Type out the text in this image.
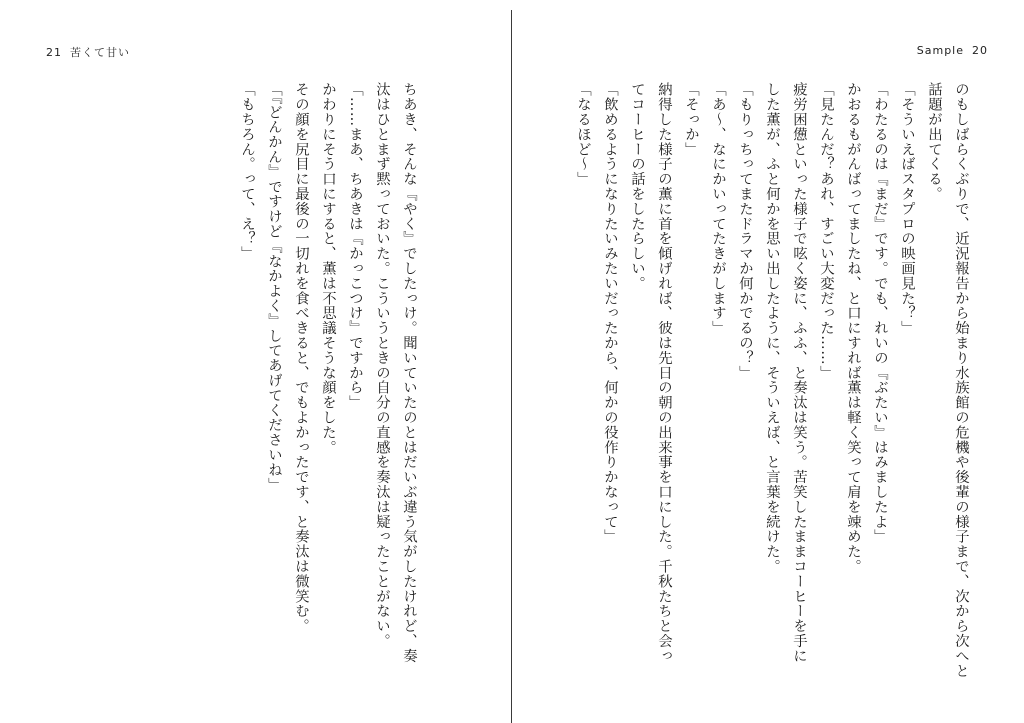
21 苦くて甘い
ちあき、そんな『やく』でしたっけ。聞いていたのとはだいぶ違う気がしたけれど、奏
汰はひとまず黙っておいた。こういうときの自分の直感を奏汰は疑ったことがない。
「……まあ、ちあきは『かっこつけ』ですから」
かわりにそう口にすると、薫は不思議そうな顔をした。
その顔を尻目に最後の一切れを食べきると、でもよかったです、と奏汰は微笑む。
「『どんかん』ですけど『なかよく』してあげてくださいね」
「もちろん。って、え？」
Sample 20
のもしばらくぶりで、近況報告から始まり水族館の危機や後輩の様子まで、次から次へと
話題が出てくる。
「そういえばスタプロの映画見た？」
「わたるのは『まだ』です。でも、れいの『ぶたい』はみましたよ」
かおるもがんばってましたね、と口にすれば薫は軽く笑って肩を竦めた。
「見たんだ？あれ、すごい大変だった……」
疲労困憊といった様子で呟く姿に、ふふ、と奏汰は笑う。苦笑したままコーヒーを手に
した薫が、ふと何かを思い出したように、そういえば、と言葉を続けた。
「もりっちってまたドラマか何かでるの？」
「あ〜、なにかいってたきがします」
「そっか」
納得した様子の薫に首を傾げれば、彼は先日の朝の出来事を口にした。千秋たちと会っ
てコーヒーの話をしたらしい。
「飲めるようになりたいみたいだったから、何かの役作りかなって」
「なるほど〜」
